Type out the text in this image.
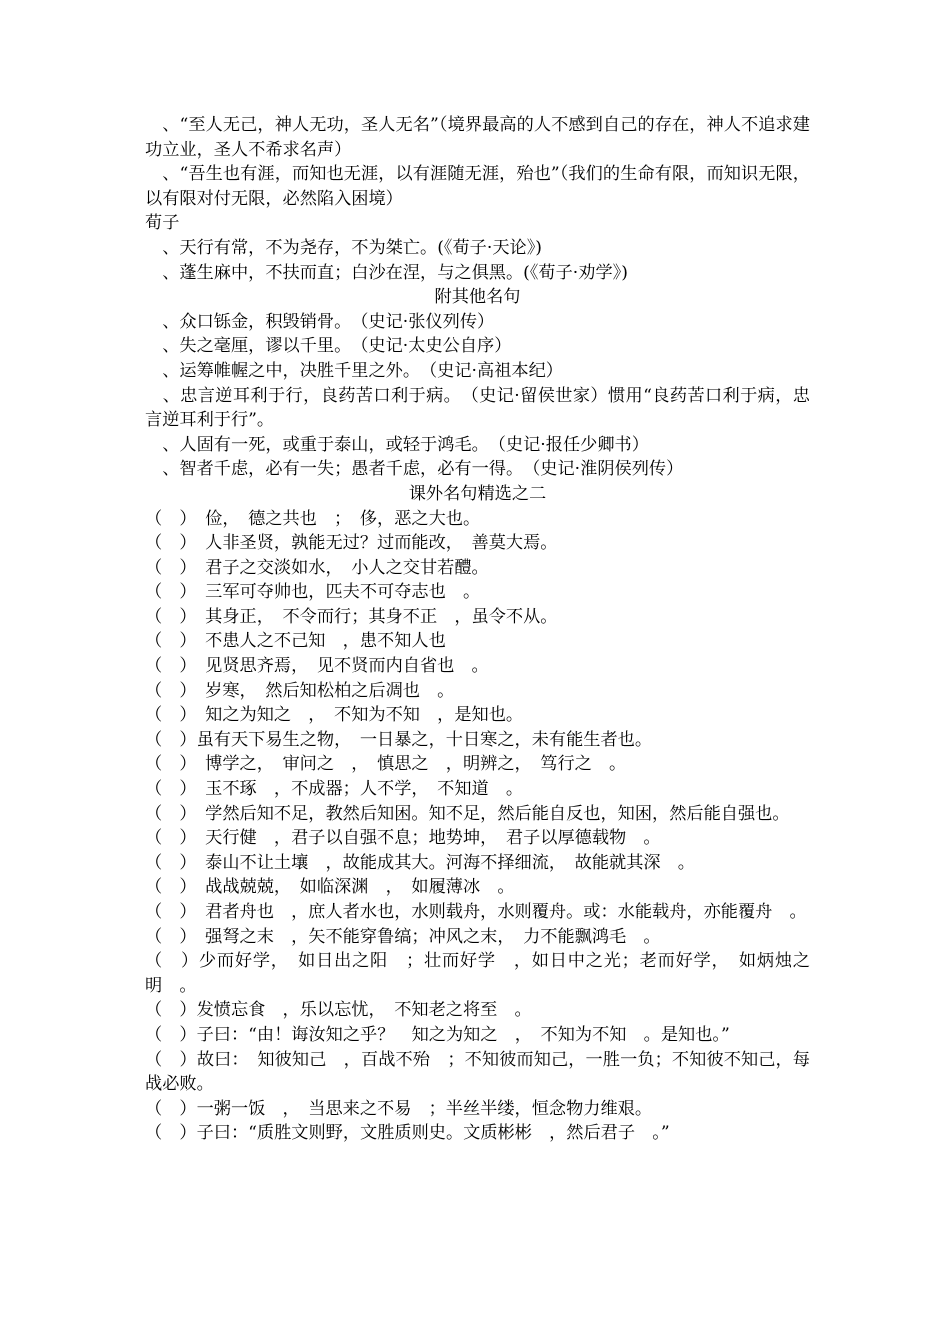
　、“至人无己，神人无功，圣人无名”（境界最高的人不感到自己的存在，神人不追求建功立业，圣人不希求名声）

　、“吾生也有涯，而知也无涯，以有涯随无涯，殆也”（我们的生命有限，而知识无限，以有限对付无限，必然陷入困境）

荀子

　、天行有常，不为尧存，不为桀亡。(《荀子·天论》)

　、蓬生麻中，不扶而直；白沙在涅，与之俱黑。(《荀子·劝学》)

附其他名句

　、众口铄金，积毁销骨。　（史记·张仪列传）

　、失之毫厘，谬以千里。　（史记·太史公自序）

　、运筹帷幄之中，决胜千里之外。　（史记·高祖本纪）

　、忠言逆耳利于行，良药苦口利于病。　（史记·留侯世家）惯用“良药苦口利于病，忠言逆耳利于行”。

　、人固有一死，或重于泰山，或轻于鸿毛。　（史记·报任少卿书）

　、智者千虑，必有一失；愚者千虑，必有一得。　（史记·淮阴侯列传）

课外名句精选之二

（　）　俭，　德之共也　；　侈，恶之大也。

（　）　人非圣贤，孰能无过？过而能改，　善莫大焉。

（　）　君子之交淡如水，　小人之交甘若醴。

（　）　三军可夺帅也，匹夫不可夺志也　。

（　）　其身正，　不令而行；其身不正　，虽令不从。

（　）　不患人之不己知　，患不知人也

（　）　见贤思齐焉，　见不贤而内自省也　。

（　）　岁寒，　然后知松柏之后凋也　。

（　）　知之为知之　，　不知为不知　，是知也。

（　）虽有天下易生之物，　一日暴之，十日寒之，未有能生者也。

（　）　博学之，　审问之　，　慎思之　，明辨之，　笃行之　。

（　）　玉不琢　，不成器；人不学，　不知道　。

（　）　学然后知不足，教然后知困。知不足，然后能自反也，知困，然后能自强也。

（　）　天行健　，君子以自强不息；地势坤，　君子以厚德载物　。

（　）　泰山不让土壤　，故能成其大。河海不择细流，　故能就其深　。

（　）　战战兢兢，　如临深渊　，　如履薄冰　。

（　）　君者舟也　，庶人者水也，水则载舟，水则覆舟。或：水能载舟，亦能覆舟　。

（　）　强弩之末　，矢不能穿鲁缟；冲风之末，　力不能飘鸿毛　。

（　）少而好学，　如日出之阳　；壮而好学　，如日中之光；老而好学，　如炳烛之明　。

（　）发愤忘食　，乐以忘忧，　不知老之将至　。

（　）子曰：“由！诲汝知之乎？　知之为知之　，　不知为不知　。是知也。”

（　）故曰：　知彼知己　，百战不殆　；不知彼而知己，一胜一负；不知彼不知己，每战必败。

（　）一粥一饭　，　当思来之不易　；半丝半缕，恒念物力维艰。

（　）子曰：“质胜文则野，文胜质则史。文质彬彬　，然后君子　。”
